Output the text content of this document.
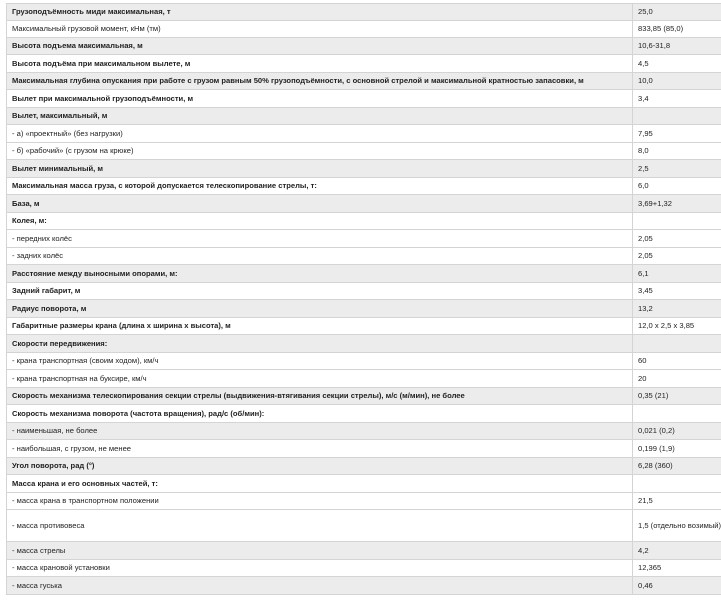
Грузоподъёмность миди максимальная, т	25,0
Максимальный грузовой момент, кНм (тм)	833,85 (85,0)
Высота подъема максимальная, м	10,6-31,8
Высота подъёма при максимальном вылете, м	4,5
Максимальная глубина опускания при работе с грузом равным 50% грузоподъёмности, с основной стрелой и максимальной кратностью запасовки, м	10,0
Вылет при максимальной грузоподъёмности, м	3,4
Вылет, максимальный, м	
- а) «проектный» (без нагрузки)	7,95
- б) «рабочий» (с грузом на крюке)	8,0
Вылет минимальный, м	2,5
Максимальная масса груза, с которой допускается телескопирование стрелы, т:	6,0
База, м	3,69+1,32
Колея, м:	
- передних колёс	2,05
- задних колёс	2,05
Расстояние между выносными опорами, м:	6,1
Задний габарит, м	3,45
Радиус поворота, м	13,2
Габаритные размеры крана (длина х ширина х высота), м	12,0 х 2,5 х 3,85
Скорости передвижения:	
- крана транспортная (своим ходом), км/ч	60
- крана транспортная на буксире, км/ч	20
Скорость механизма телескопирования секции стрелы (выдвижения-втягивания секции стрелы), м/с (м/мин), не более	0,35 (21)
Скорость механизма поворота (частота вращения), рад/с (об/мин):	
- наименьшая, не более	0,021 (0,2)
- наибольшая, с грузом, не менее	0,199 (1,9)
Угол поворота, рад (°)	6,28 (360)
Масса крана и его основных частей, т:	
- масса крана в транспортном положении	21,5
- масса противовеса	1,5 (отдельно возимый)
- масса стрелы	4,2
- масса крановой установки	12,365
- масса гуська	0,46
